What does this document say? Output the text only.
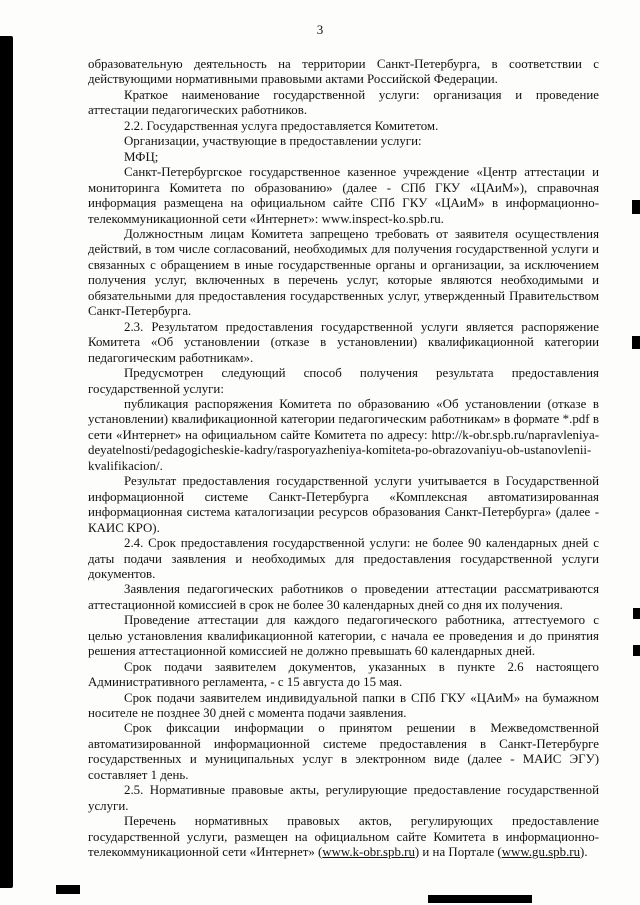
3

образовательную деятельность на территории Санкт-Петербурга, в соответствии с действующими нормативными правовыми актами Российской Федерации.

Краткое наименование государственной услуги: организация и проведение аттестации педагогических работников.

2.2. Государственная услуга предоставляется Комитетом.

Организации, участвующие в предоставлении услуги:

МФЦ;

Санкт-Петербургское государственное казенное учреждение «Центр аттестации и мониторинга Комитета по образованию» (далее - СПб ГКУ «ЦАиМ»), справочная информация размещена на официальном сайте СПб ГКУ «ЦАиМ» в информационно-телекоммуникационной сети «Интернет»: www.inspect-ko.spb.ru.

Должностным лицам Комитета запрещено требовать от заявителя осуществления действий, в том числе согласований, необходимых для получения государственной услуги и связанных с обращением в иные государственные органы и организации, за исключением получения услуг, включенных в перечень услуг, которые являются необходимыми и обязательными для предоставления государственных услуг, утвержденный Правительством Санкт-Петербурга.

2.3. Результатом предоставления государственной услуги является распоряжение Комитета «Об установлении (отказе в установлении) квалификационной категории педагогическим работникам».

Предусмотрен следующий способ получения результата предоставления государственной услуги:

публикация распоряжения Комитета по образованию «Об установлении (отказе в установлении) квалификационной категории педагогическим работникам» в формате *.pdf в сети «Интернет» на официальном сайте Комитета по адресу: http://k-obr.spb.ru/napravleniya-deyatelnosti/pedagogicheskie-kadry/rasporyazheniya-komiteta-po-obrazovaniyu-ob-ustanovlenii-kvalifikacion/.

Результат предоставления государственной услуги учитывается в Государственной информационной системе Санкт-Петербурга «Комплексная автоматизированная информационная система каталогизации ресурсов образования Санкт-Петербурга» (далее - КАИС КРО).

2.4. Срок предоставления государственной услуги: не более 90 календарных дней с даты подачи заявления и необходимых для предоставления государственной услуги документов.

Заявления педагогических работников о проведении аттестации рассматриваются аттестационной комиссией в срок не более 30 календарных дней со дня их получения.

Проведение аттестации для каждого педагогического работника, аттестуемого с целью установления квалификационной категории, с начала ее проведения и до принятия решения аттестационной комиссией не должно превышать 60 календарных дней.

Срок подачи заявителем документов, указанных в пункте 2.6 настоящего Административного регламента, - с 15 августа до 15 мая.

Срок подачи заявителем индивидуальной папки в СПб ГКУ «ЦАиМ» на бумажном носителе не позднее 30 дней с момента подачи заявления.

Срок фиксации информации о принятом решении в Межведомственной автоматизированной информационной системе предоставления в Санкт-Петербурге государственных и муниципальных услуг в электронном виде (далее - МАИС ЭГУ) составляет 1 день.

2.5. Нормативные правовые акты, регулирующие предоставление государственной услуги.

Перечень нормативных правовых актов, регулирующих предоставление государственной услуги, размещен на официальном сайте Комитета в информационно-телекоммуникационной сети «Интернет» (www.k-obr.spb.ru) и на Портале (www.gu.spb.ru).
